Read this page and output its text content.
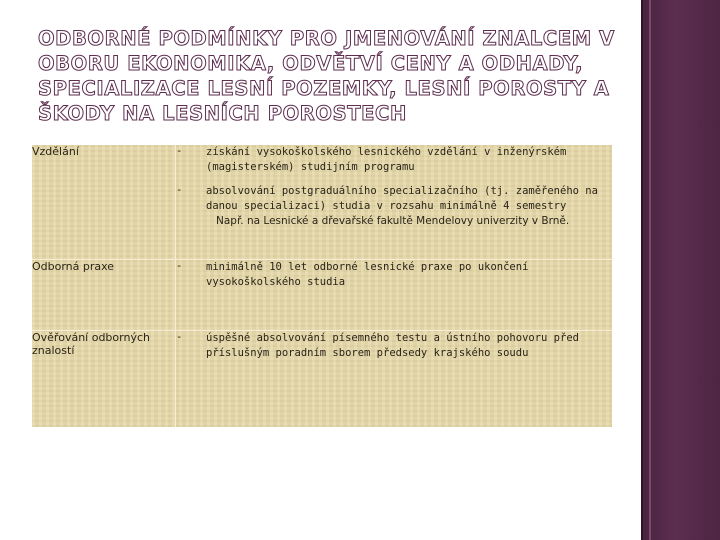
ODBORNÉ PODMÍNKY PRO JMENOVÁNÍ ZNALCEM V OBORU EKONOMIKA, ODVĚTVÍ CENY A ODHADY, SPECIALIZACE LESNÍ POZEMKY, LESNÍ POROSTY A ŠKODY NA LESNÍCH POROSTECH
Vzdělání	-	získání vysokoškolského lesnického vzdělání v inženýrském (magisterském) studijním programu
	-	absolvování postgraduálního specializačního (tj. zaměřeného na danou specializaci) studia v rozsahu minimálně 4 semestry
Např. na Lesnické a dřevařské fakultě Mendelovy univerzity v Brně.

Odborná praxe	-	minimálně 10 let odborné lesnické praxe po ukončení vysokoškolského studia
Ověřování odborných znalostí	-	úspěšné absolvování písemného testu a ústního pohovoru před příslušným poradním sborem předsedy krajského soudu
